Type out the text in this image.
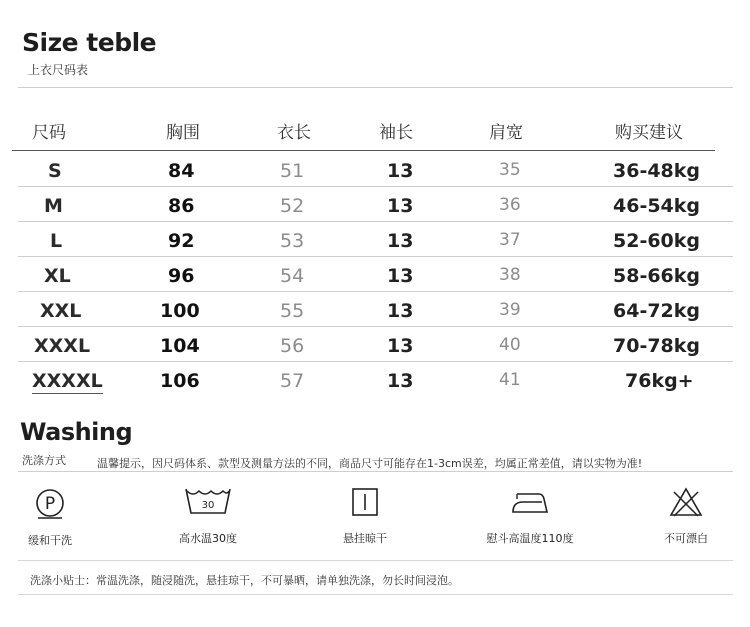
Size teble
上衣尺码表
尺码	胸围	衣长	袖长	肩宽	购买建议
S	84	51	13	35	36-48kg
M	86	52	13	36	46-54kg
L	92	53	13	37	52-60kg
XL	96	54	13	38	58-66kg
XXL	100	55	13	39	64-72kg
XXXL	104	56	13	40	70-78kg
XXXXL	106	57	13	41	76kg+
Washing
洗涤方式	温馨提示，因尺码体系、款型及测量方法的不同，商品尺寸可能存在1-3cm误差，均属正常差值，请以实物为准!
P
缓和干洗
30
高水温30度	悬挂晾干	慰斗高温度110度	不可漂白
洗涤小贴士：常温洗涤，随浸随洗，悬挂琼干，不可暴晒，请单独洗涤，勿长时间浸泡。
